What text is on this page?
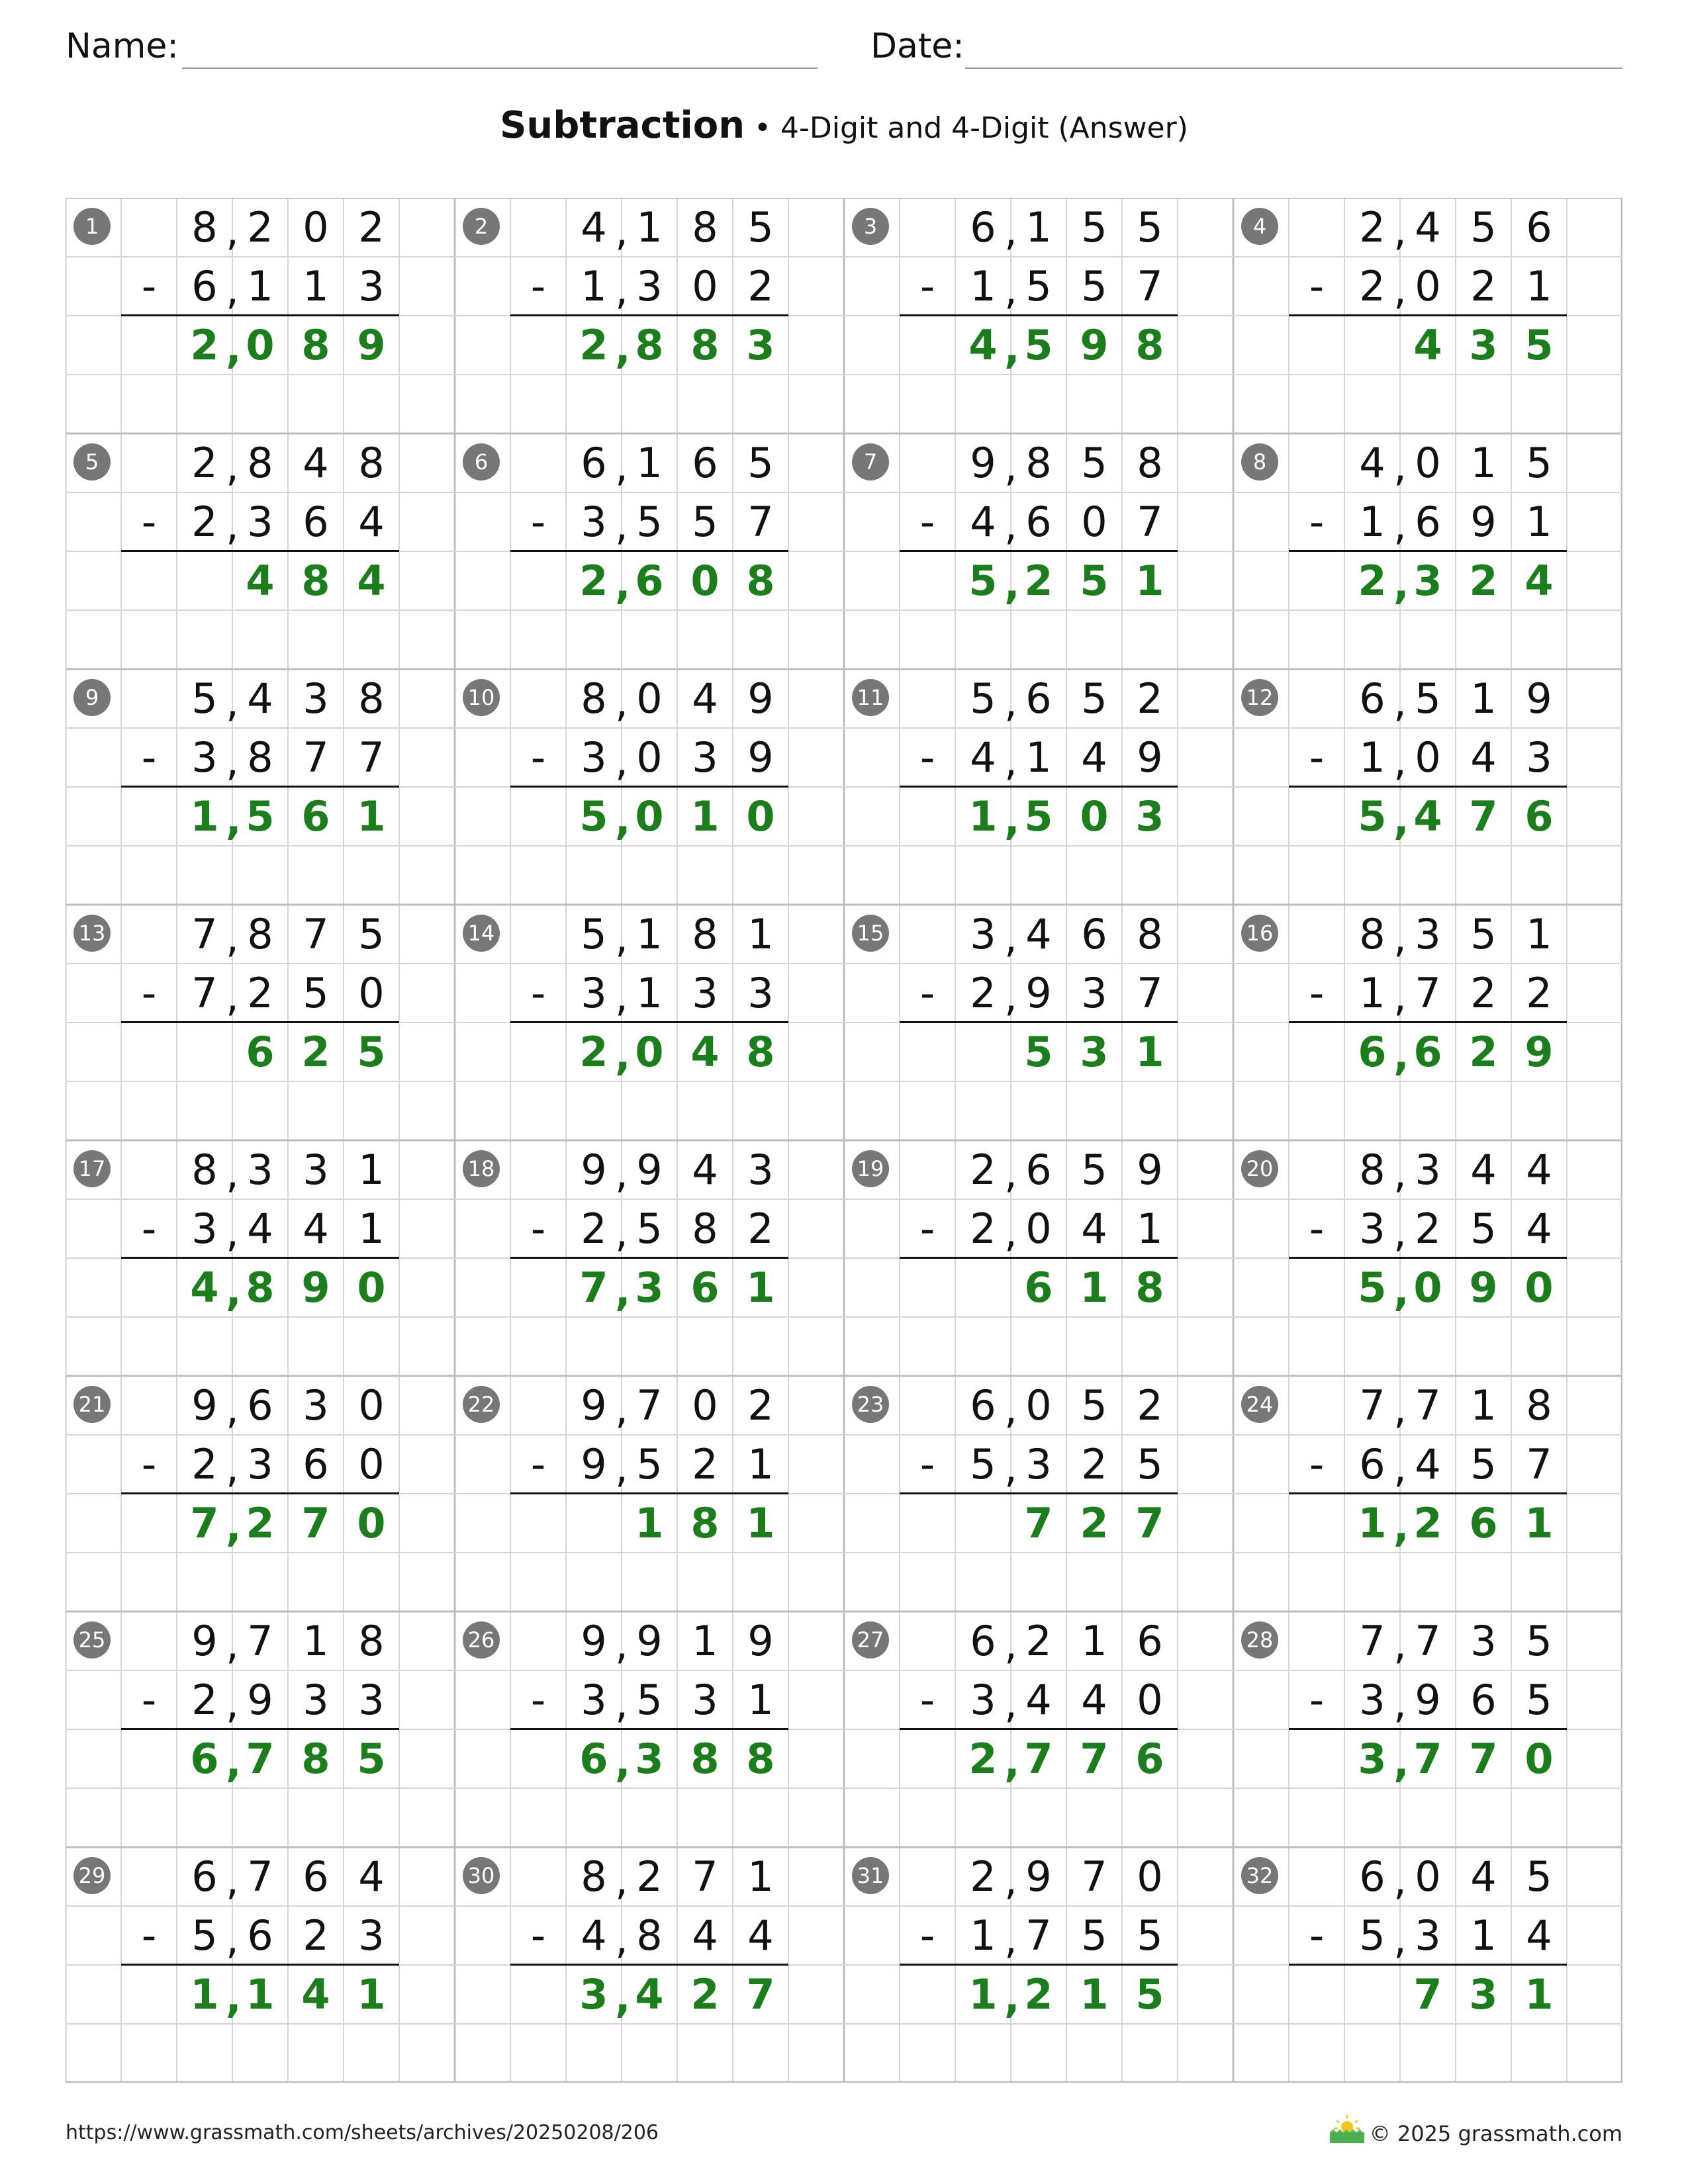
Name:	Date:
Subtraction • 4-Digit and 4-Digit (Answer)
1	8 , 2 0 2
- 6 , 1 1 3
2 , 0 8 9
2	4 , 1 8 5
- 1 , 3 0 2
2 , 8 8 3
3	6 , 1 5 5
- 1 , 5 5 7
4 , 5 9 8
4	2 , 4 5 6
- 2 , 0 2 1
4 3 5
5	2 , 8 4 8
- 2 , 3 6 4
4 8 4
6	6 , 1 6 5
- 3 , 5 5 7
2 , 6 0 8
7	9 , 8 5 8
- 4 , 6 0 7
5 , 2 5 1
8	4 , 0 1 5
- 1 , 6 9 1
2 , 3 2 4
9	5 , 4 3 8
- 3 , 8 7 7
1 , 5 6 1
10	8 , 0 4 9
- 3 , 0 3 9
5 , 0 1 0
11	5 , 6 5 2
- 4 , 1 4 9
1 , 5 0 3
12	6 , 5 1 9
- 1 , 0 4 3
5 , 4 7 6
13	7 , 8 7 5
- 7 , 2 5 0
6 2 5
14	5 , 1 8 1
- 3 , 1 3 3
2 , 0 4 8
15	3 , 4 6 8
- 2 , 9 3 7
5 3 1
16	8 , 3 5 1
- 1 , 7 2 2
6 , 6 2 9
17	8 , 3 3 1
- 3 , 4 4 1
4 , 8 9 0
18	9 , 9 4 3
- 2 , 5 8 2
7 , 3 6 1
19	2 , 6 5 9
- 2 , 0 4 1
6 1 8
20	8 , 3 4 4
- 3 , 2 5 4
5 , 0 9 0
21	9 , 6 3 0
- 2 , 3 6 0
7 , 2 7 0
22	9 , 7 0 2
- 9 , 5 2 1
1 8 1
23	6 , 0 5 2
- 5 , 3 2 5
7 2 7
24	7 , 7 1 8
- 6 , 4 5 7
1 , 2 6 1
25	9 , 7 1 8
- 2 , 9 3 3
6 , 7 8 5
26	9 , 9 1 9
- 3 , 5 3 1
6 , 3 8 8
27	6 , 2 1 6
- 3 , 4 4 0
2 , 7 7 6
28	7 , 7 3 5
- 3 , 9 6 5
3 , 7 7 0
29	6 , 7 6 4
- 5 , 6 2 3
1 , 1 4 1
30	8 , 2 7 1
- 4 , 8 4 4
3 , 4 2 7
31	2 , 9 7 0
- 1 , 7 5 5
1 , 2 1 5
32	6 , 0 4 5
- 5 , 3 1 4
7 3 1
https://www.grassmath.com/sheets/archives/20250208/206	© 2025 grassmath.com
